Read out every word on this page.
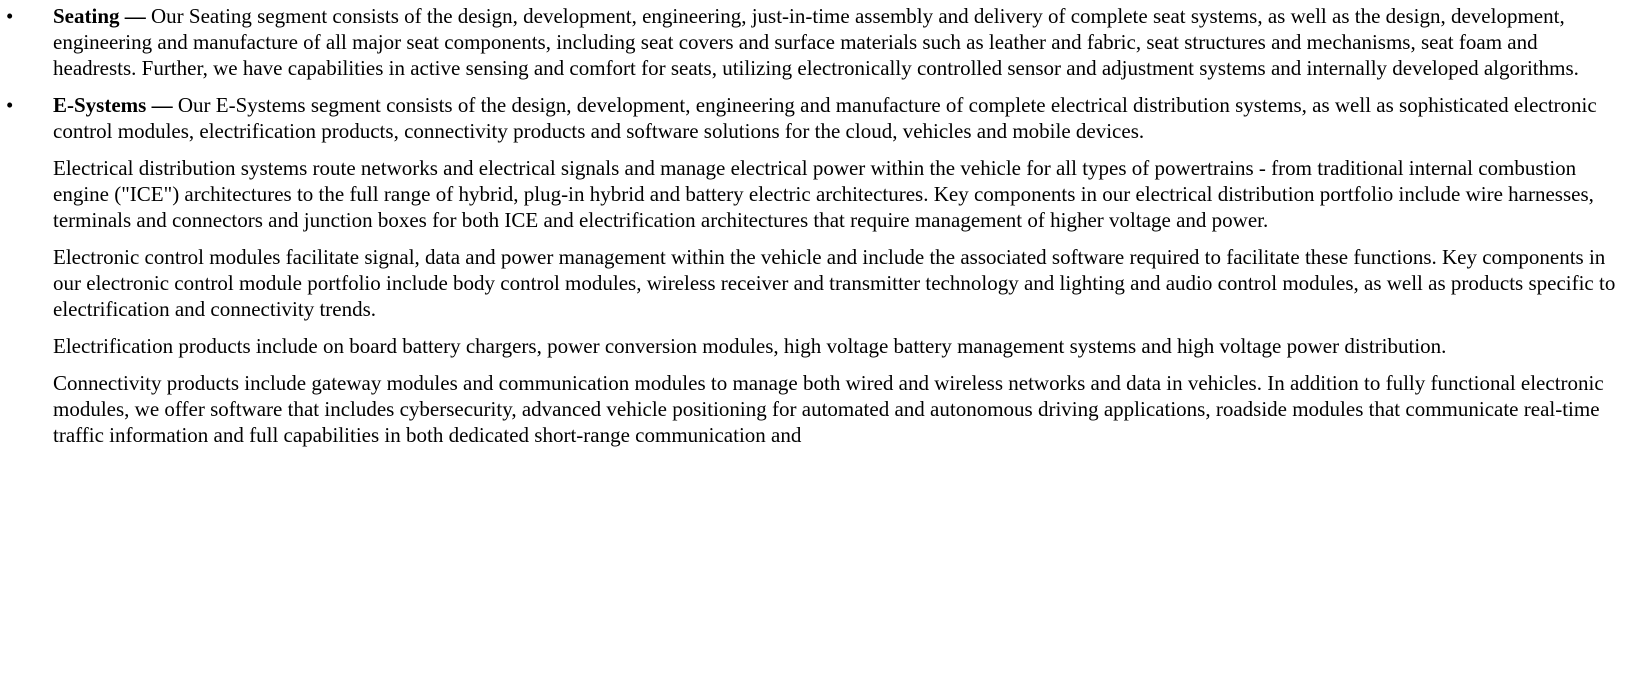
• Seating — Our Seating segment consists of the design, development, engineering, just-in-time assembly and delivery of complete seat systems, as well as the design, development, engineering and manufacture of all major seat components, including seat covers and surface materials such as leather and fabric, seat structures and mechanisms, seat foam and headrests. Further, we have capabilities in active sensing and comfort for seats, utilizing electronically controlled sensor and adjustment systems and internally developed algorithms.
• E-Systems — Our E-Systems segment consists of the design, development, engineering and manufacture of complete electrical distribution systems, as well as sophisticated electronic control modules, electrification products, connectivity products and software solutions for the cloud, vehicles and mobile devices.
Electrical distribution systems route networks and electrical signals and manage electrical power within the vehicle for all types of powertrains - from traditional internal combustion engine ("ICE") architectures to the full range of hybrid, plug-in hybrid and battery electric architectures. Key components in our electrical distribution portfolio include wire harnesses, terminals and connectors and junction boxes for both ICE and electrification architectures that require management of higher voltage and power.
Electronic control modules facilitate signal, data and power management within the vehicle and include the associated software required to facilitate these functions. Key components in our electronic control module portfolio include body control modules, wireless receiver and transmitter technology and lighting and audio control modules, as well as products specific to electrification and connectivity trends.
Electrification products include on board battery chargers, power conversion modules, high voltage battery management systems and high voltage power distribution.
Connectivity products include gateway modules and communication modules to manage both wired and wireless networks and data in vehicles. In addition to fully functional electronic modules, we offer software that includes cybersecurity, advanced vehicle positioning for automated and autonomous driving applications, roadside modules that communicate real-time traffic information and full capabilities in both dedicated short-range communication and
